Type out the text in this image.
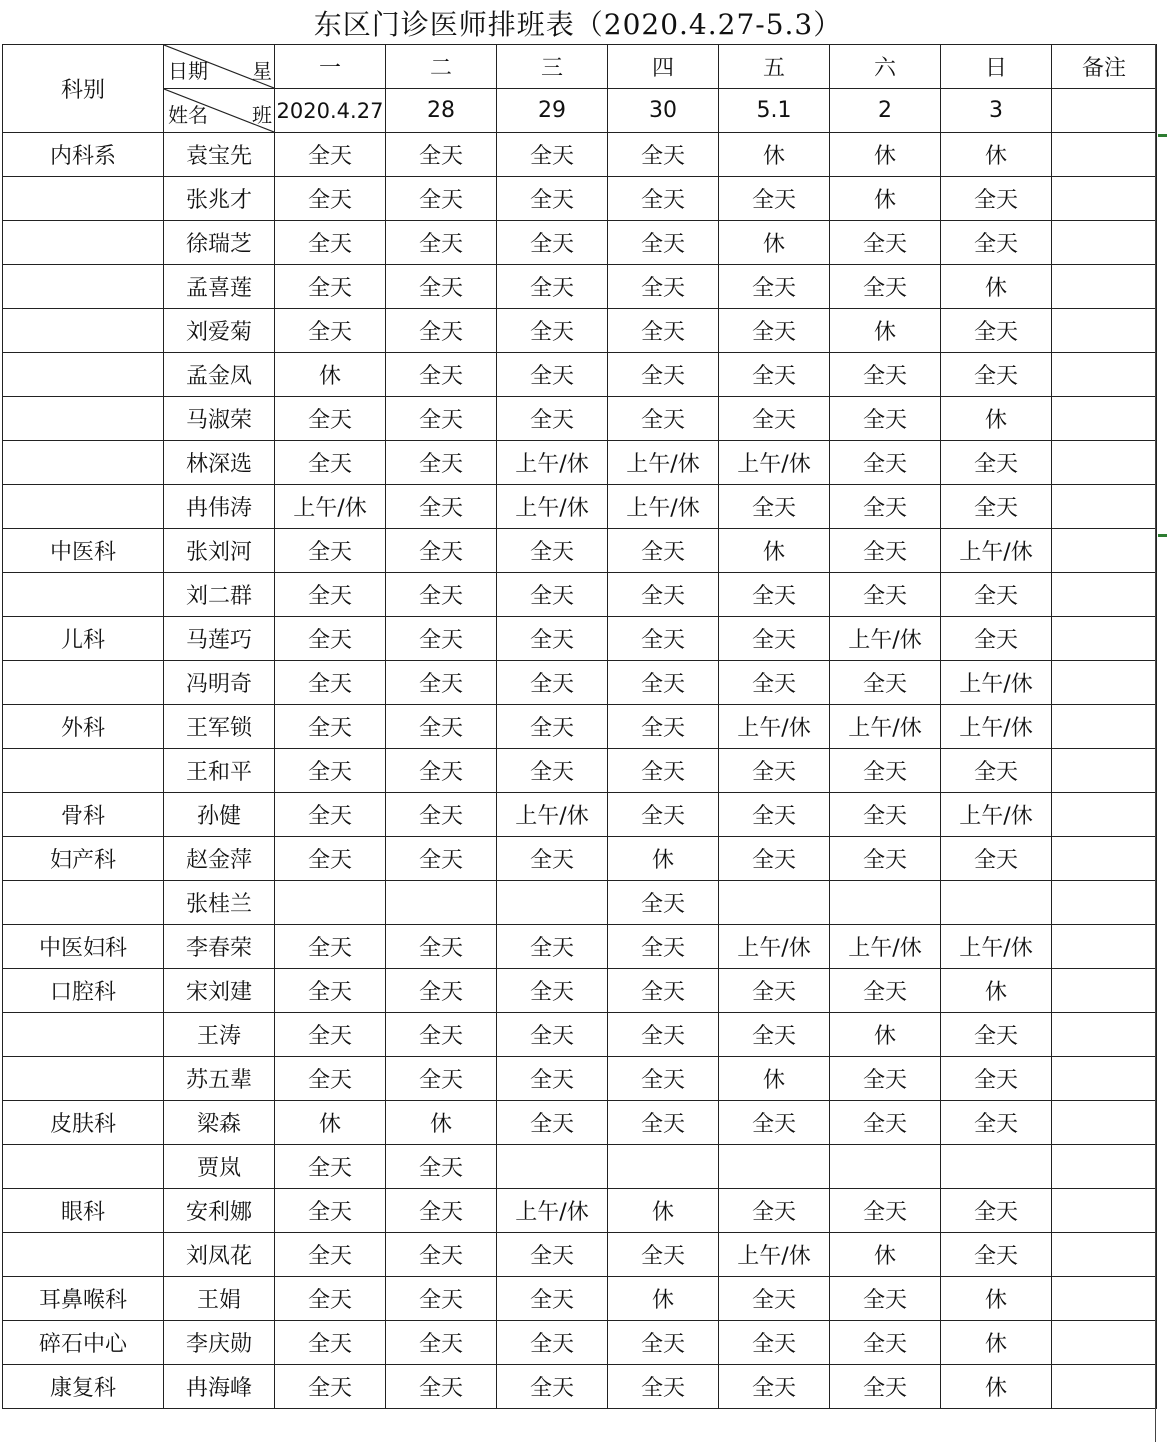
东区门诊医师排班表（2020.4.27-5.3）
科别	日期 星	一	二	三	四	五	六	日	备注

	姓名 班	2020.4.27	28	29	30	5.1	2	3	
内科系	袁宝先	全天	全天	全天	全天	休	休	休	
	张兆才	全天	全天	全天	全天	全天	休	全天	
	徐瑞芝	全天	全天	全天	全天	休	全天	全天	
	孟喜莲	全天	全天	全天	全天	全天	全天	休	
	刘爱菊	全天	全天	全天	全天	全天	休	全天	
	孟金凤	休	全天	全天	全天	全天	全天	全天	
	马淑荣	全天	全天	全天	全天	全天	全天	休	
	林深选	全天	全天	上午/休	上午/休	上午/休	全天	全天	
	冉伟涛	上午/休	全天	上午/休	上午/休	全天	全天	全天	
中医科	张刘河	全天	全天	全天	全天	休	全天	上午/休	
	刘二群	全天	全天	全天	全天	全天	全天	全天	
儿科	马莲巧	全天	全天	全天	全天	全天	上午/休	全天	
	冯明奇	全天	全天	全天	全天	全天	全天	上午/休	
外科	王军锁	全天	全天	全天	全天	上午/休	上午/休	上午/休	
	王和平	全天	全天	全天	全天	全天	全天	全天	
骨科	孙健	全天	全天	上午/休	全天	全天	全天	上午/休	
妇产科	赵金萍	全天	全天	全天	休	全天	全天	全天	
	张桂兰				全天				
中医妇科	李春荣	全天	全天	全天	全天	上午/休	上午/休	上午/休	
口腔科	宋刘建	全天	全天	全天	全天	全天	全天	休	
	王涛	全天	全天	全天	全天	全天	休	全天	
	苏五辈	全天	全天	全天	全天	休	全天	全天	
皮肤科	梁森	休	休	全天	全天	全天	全天	全天	
	贾岚	全天	全天						
眼科	安利娜	全天	全天	上午/休	休	全天	全天	全天	
	刘凤花	全天	全天	全天	全天	上午/休	休	全天	
耳鼻喉科	王娟	全天	全天	全天	休	全天	全天	休	
碎石中心	李庆勋	全天	全天	全天	全天	全天	全天	休	
康复科	冉海峰	全天	全天	全天	全天	全天	全天	休	
